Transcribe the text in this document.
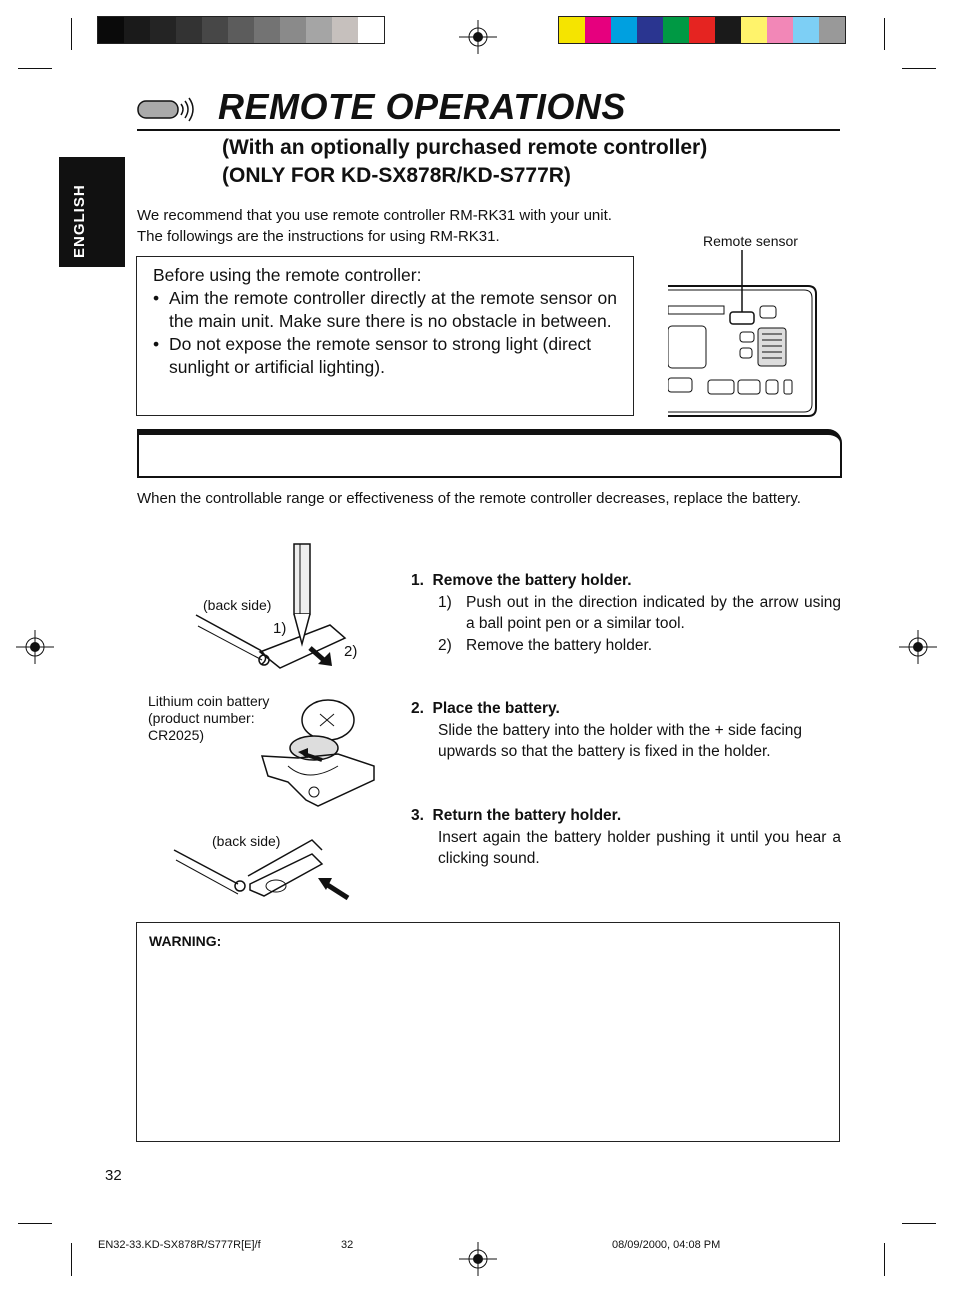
REMOTE OPERATIONS
(With an optionally purchased remote controller)
(ONLY FOR KD-SX878R/KD-S777R)
ENGLISH	We recommend that you use remote controller RM-RK31 with your unit.
The followings are the instructions for using RM-RK31.
Before using the remote controller:
• Aim the remote controller directly at the remote sensor on the main unit. Make sure there is no obstacle in between.
• Do not expose the remote sensor to strong light (direct sunlight or artificial lighting).
Remote sensor
When the controllable range or effectiveness of the remote controller decreases, replace the battery.
(back side)
1)
2)
Lithium coin battery
(product number:
CR2025)
(back side)
1.  Remove the battery holder.
1) Push out in the direction indicated by the arrow using a ball point pen or a similar tool.
2) Remove the battery holder.
2.  Place the battery.
Slide the battery into the holder with the + side facing upwards so that the battery is fixed in the holder.
3.  Return the battery holder.
Insert again the battery holder pushing it until you hear a clicking sound.
WARNING:
32
EN32-33.KD-SX878R/S777R[E]/f	32	08/09/2000, 04:08 PM
